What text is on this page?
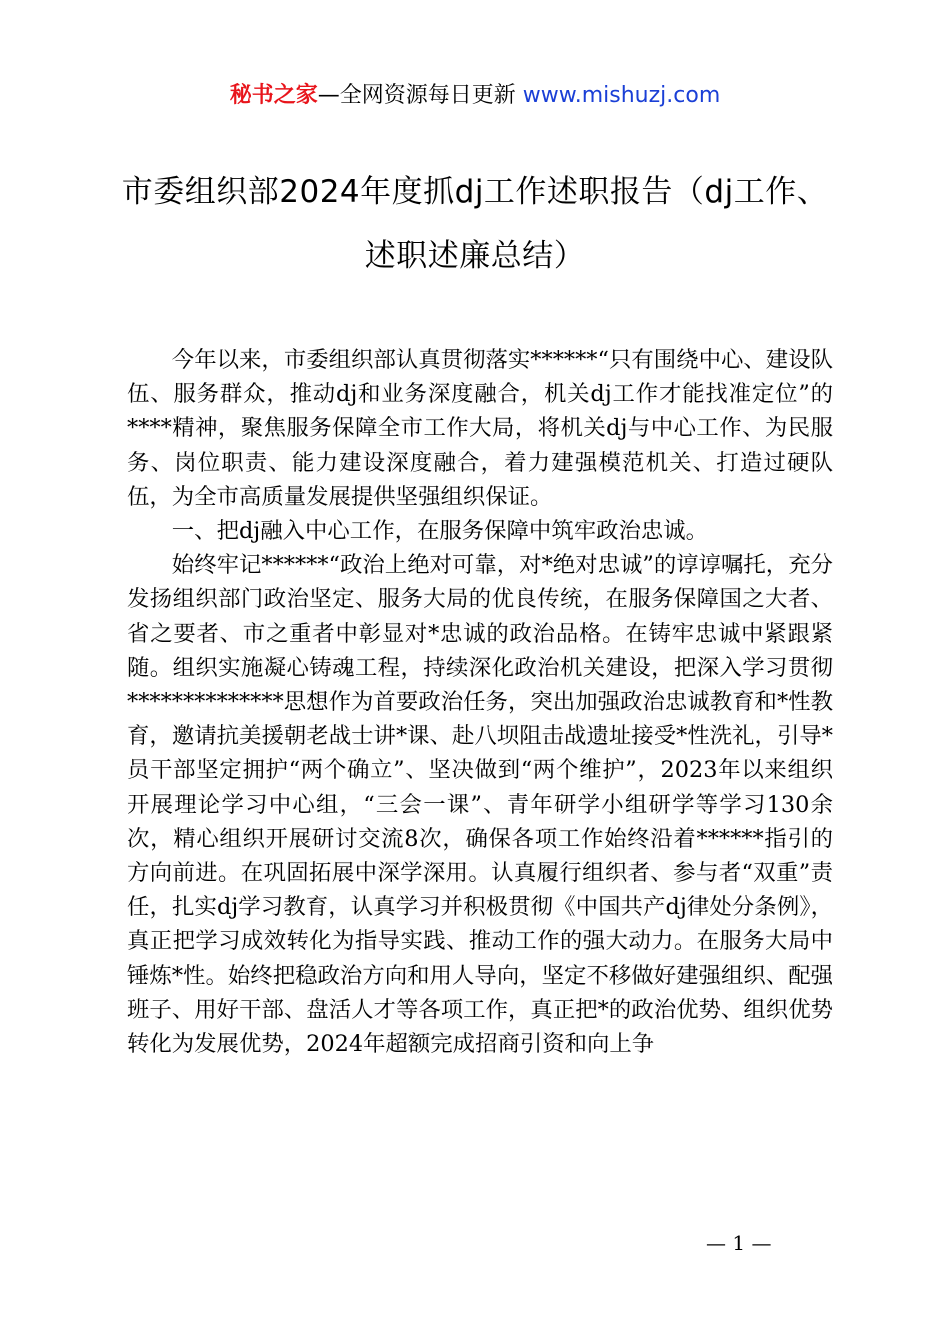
秘书之家—全网资源每日更新 www.mishuzj.com
市委组织部2024年度抓dj工作述职报告（dj工作、述职述廉总结）

今年以来，市委组织部认真贯彻落实******“只有围绕中心、建设队伍、服务群众，推动dj和业务深度融合，机关dj工作才能找准定位”的****精神，聚焦服务保障全市工作大局，将机关dj与中心工作、为民服务、岗位职责、能力建设深度融合，着力建强模范机关、打造过硬队伍，为全市高质量发展提供坚强组织保证。

一、把dj融入中心工作，在服务保障中筑牢政治忠诚。

始终牢记******“政治上绝对可靠，对*绝对忠诚”的谆谆嘱托，充分发扬组织部门政治坚定、服务大局的优良传统，在服务保障国之大者、省之要者、市之重者中彰显对*忠诚的政治品格。在铸牢忠诚中紧跟紧随。组织实施凝心铸魂工程，持续深化政治机关建设，把深入学习贯彻**************思想作为首要政治任务，突出加强政治忠诚教育和*性教育，邀请抗美援朝老战士讲*课、赴八坝阻击战遗址接受*性洗礼，引导*员干部坚定拥护“两个确立”、坚决做到“两个维护”，2023年以来组织开展理论学习中心组，“三会一课”、青年研学小组研学等学习130余次，精心组织开展研讨交流8次，确保各项工作始终沿着******指引的方向前进。在巩固拓展中深学深用。认真履行组织者、参与者“双重”责任，扎实dj学习教育，认真学习并积极贯彻《中国共产dj律处分条例》，真正把学习成效转化为指导实践、推动工作的强大动力。在服务大局中锤炼*性。始终把稳政治方向和用人导向，坚定不移做好建强组织、配强班子、用好干部、盘活人才等各项工作，真正把*的政治优势、组织优势转化为发展优势，2024年超额完成招商引资和向上争

— 1 —
